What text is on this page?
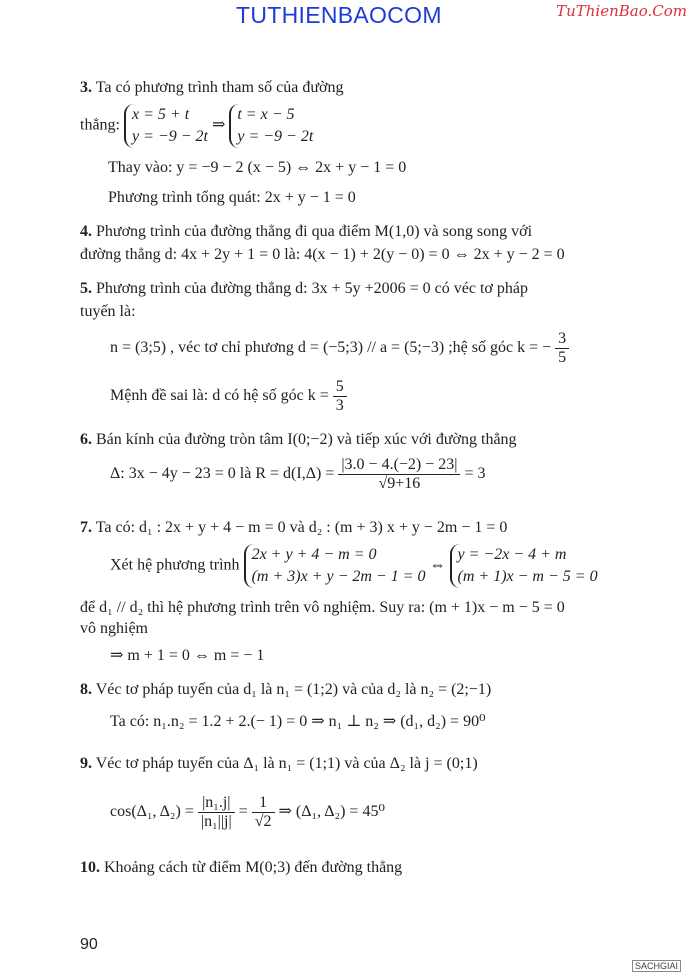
TUTHIENBAOCOM	TuThienBao.Com
3. Ta có phương trình tham số của đường
thẳng:
x = 5 + t
y = −9 − 2t
⇒
t = x − 5
y = −9 − 2t
Thay vào: y = −9 − 2 (x − 5) ⇔ 2x + y − 1 = 0
Phương trình tổng quát: 2x + y − 1 = 0
4. Phương trình của đường thẳng đi qua điểm M(1,0) và song song với
đường thẳng d: 4x + 2y + 1 = 0 là: 4(x − 1) + 2(y − 0) = 0 ⇔ 2x + y − 2 = 0
5. Phương trình của đường thẳng d: 3x + 5y +2006 = 0 có véc tơ pháp
tuyến là:
n = (3;5) , véc tơ chỉ phương d = (−5;3) // a = (5;−3) ;hệ số góc k = − $\frac{3}{5}$
Mệnh đề sai là: d có hệ số góc $k = \frac{5}{3}$
6. Bán kính của đường tròn tâm I(0;−2) và tiếp xúc với đường thẳng
Δ: 3x − 4y − 23 = 0 là $R = d(I,\Delta) = \frac{|3.0 - 4.(-2) - 23|}{√9+16} = 3$
7. Ta có: d₁ : 2x + y + 4 − m = 0 và d₂ : (m + 3) x + y − 2m − 1 = 0
Xét hệ phương trình
2x + y + 4 − m = 0
(m + 3)x + y − 2m − 1 = 0
⇔
y = −2x − 4 + m
(m + 1)x − m − 5 = 0
để d₁ // d₂ thì hệ phương trình trên vô nghiệm. Suy ra: (m + 1)x − m − 5 = 0
vô nghiệm
⇒ m + 1 = 0 ⇔ m = − 1
8. Véc tơ pháp tuyến của d₁ là n₁ = (1;2) và của d₂ là n₂ = (2;−1)
Ta có: n₁.n₂ = 1.2 + 2.(− 1) = 0 ⇒ n₁ ⊥ n₂ ⇒ (d₁, d₂) = 90⁰
9. Véc tơ pháp tuyến của Δ₁ là n₁ = (1;1) và của Δ₂ là j = (0;1)
cos(Δ₁, $\Delta_2) = \frac{\text{|n₁.j|}}{\text{|n₁||j|}} = \frac{1}{√2}$ ⇒ (Δ₁, Δ₂) = 45⁰
10. Khoảng cách từ điểm M(0;3) đến đường thẳng
90
SACHGIAI
